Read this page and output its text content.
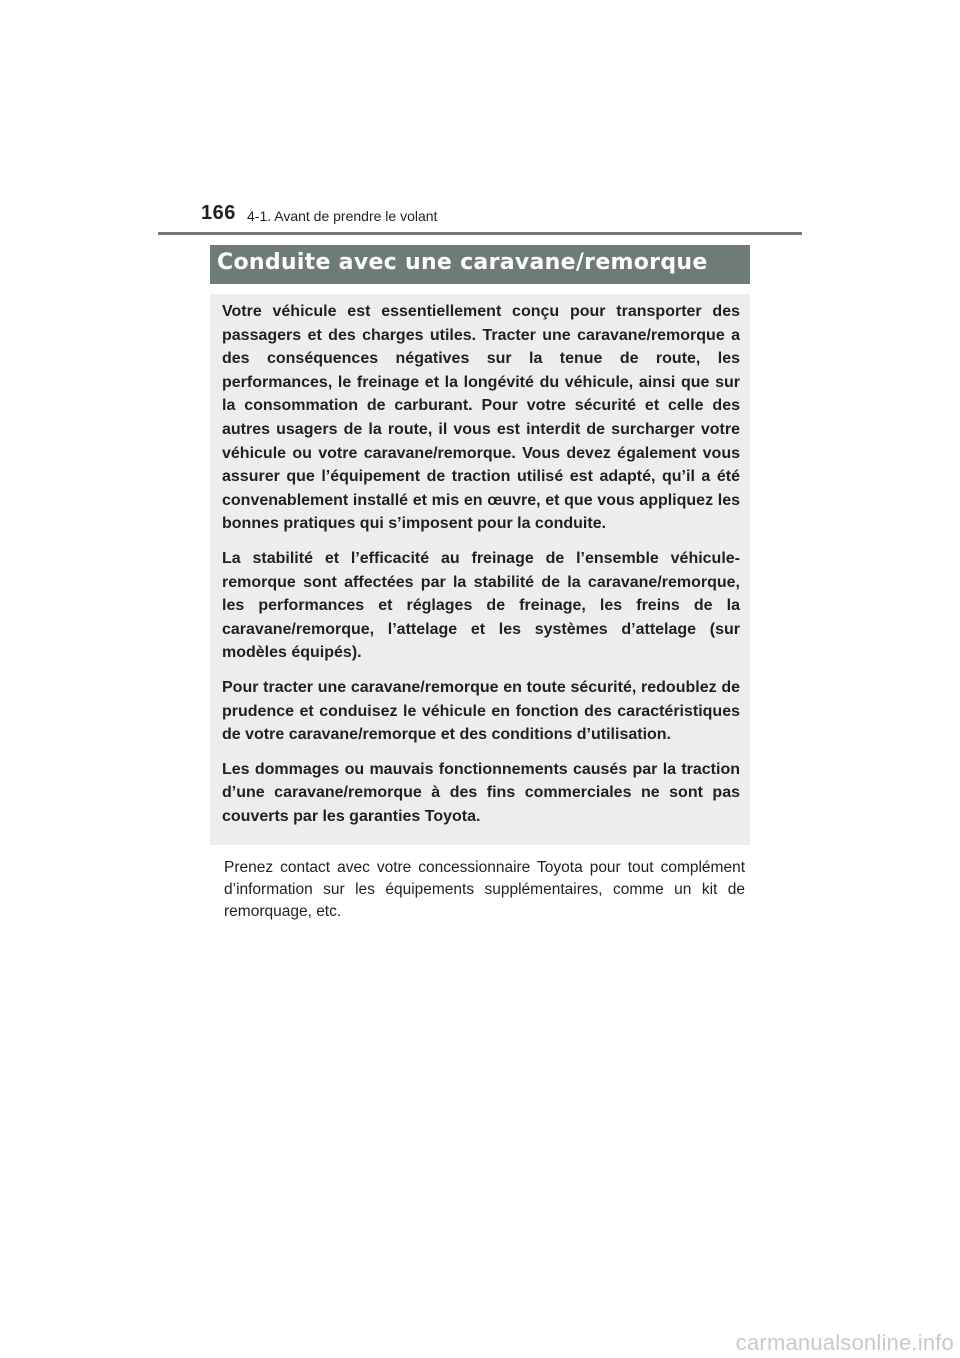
166 4-1. Avant de prendre le volant
Conduite avec une caravane/remorque

Votre véhicule est essentiellement conçu pour transporter des passagers et des charges utiles. Tracter une caravane/remorque a des conséquences négatives sur la tenue de route, les performances, le freinage et la longévité du véhicule, ainsi que sur la consommation de carburant. Pour votre sécurité et celle des autres usagers de la route, il vous est interdit de surcharger votre véhicule ou votre caravane/remorque. Vous devez également vous assurer que l’équipement de traction utilisé est adapté, qu’il a été convenablement installé et mis en œuvre, et que vous appliquez les bonnes pratiques qui s’imposent pour la conduite.

La stabilité et l’efficacité au freinage de l’ensemble véhicule-remorque sont affectées par la stabilité de la caravane/remorque, les performances et réglages de freinage, les freins de la caravane/remorque, l’attelage et les systèmes d’attelage (sur modèles équipés).

Pour tracter une caravane/remorque en toute sécurité, redoublez de prudence et conduisez le véhicule en fonction des caractéristiques de votre caravane/remorque et des conditions d’utilisation.

Les dommages ou mauvais fonctionnements causés par la traction d’une caravane/remorque à des fins commerciales ne sont pas couverts par les garanties Toyota.

Prenez contact avec votre concessionnaire Toyota pour tout complément d’information sur les équipements supplémentaires, comme un kit de remorquage, etc.

carmanualsonline.info
